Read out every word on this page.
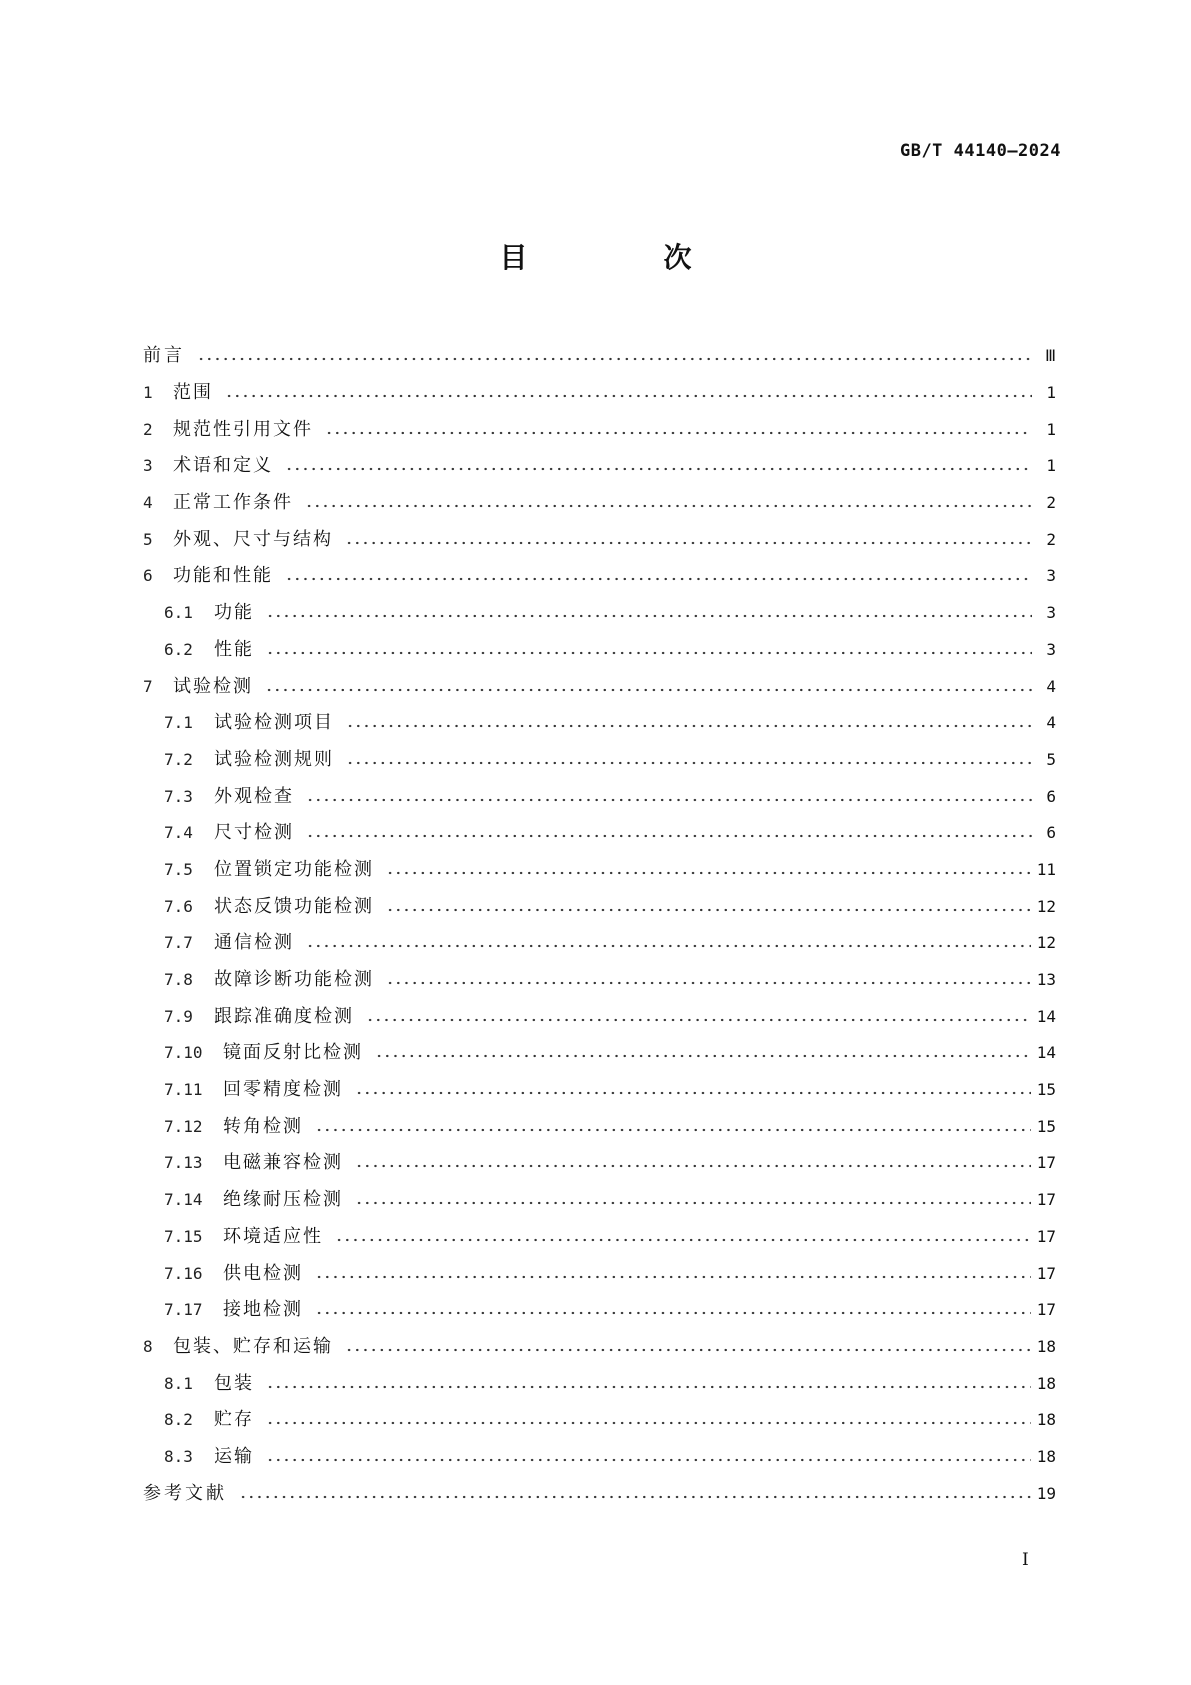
GB/T 44140—2024
目　次
前言	Ⅲ
1	范围	1
2	规范性引用文件	1
3	术语和定义	1
4	正常工作条件	2
5	外观、尺寸与结构	2
6	功能和性能	3
6.1	功能	3
6.2	性能	3
7	试验检测	4
7.1	试验检测项目	4
7.2	试验检测规则	5
7.3	外观检查	6
7.4	尺寸检测	6
7.5	位置锁定功能检测	11
7.6	状态反馈功能检测	12
7.7	通信检测	12
7.8	故障诊断功能检测	13
7.9	跟踪准确度检测	14
7.10	镜面反射比检测	14
7.11	回零精度检测	15
7.12	转角检测	15
7.13	电磁兼容检测	17
7.14	绝缘耐压检测	17
7.15	环境适应性	17
7.16	供电检测	17
7.17	接地检测	17
8	包装、贮存和运输	18
8.1	包装	18
8.2	贮存	18
8.3	运输	18
参考文献	19
Ⅰ
